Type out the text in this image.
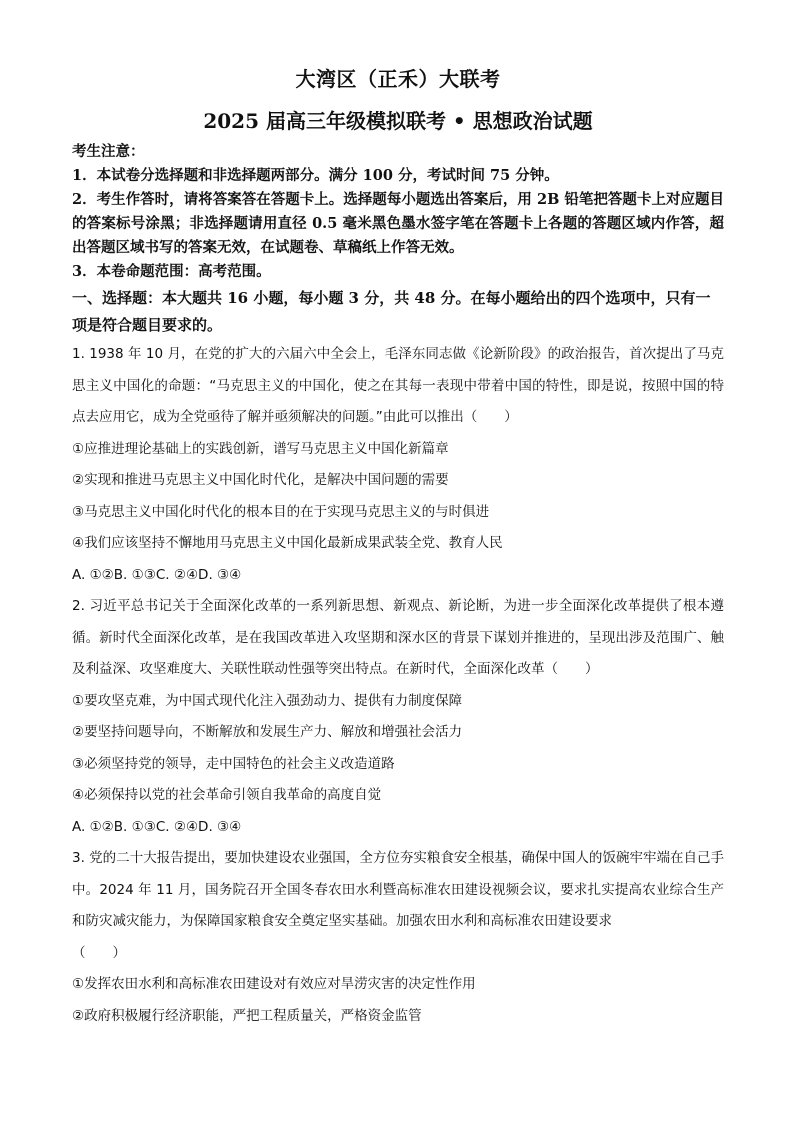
大湾区（正禾）大联考
2025 届高三年级模拟联考 • 思想政治试题
考生注意：
1．本试卷分选择题和非选择题两部分。满分 100 分，考试时间 75 分钟。
2．考生作答时，请将答案答在答题卡上。选择题每小题选出答案后，用 2B 铅笔把答题卡上对应题目的答案标号涂黑；非选择题请用直径 0.5 毫米黑色墨水签字笔在答题卡上各题的答题区域内作答，超出答题区域书写的答案无效，在试题卷、草稿纸上作答无效。
3．本卷命题范围：高考范围。
一、选择题：本大题共 16 小题，每小题 3 分，共 48 分。在每小题给出的四个选项中，只有一项是符合题目要求的。
1. 1938 年 10 月，在党的扩大的六届六中全会上，毛泽东同志做《论新阶段》的政治报告，首次提出了马克思主义中国化的命题：“马克思主义的中国化，使之在其每一表现中带着中国的特性，即是说，按照中国的特点去应用它，成为全党亟待了解并亟须解决的问题。”由此可以推出（　　）
①应推进理论基础上的实践创新，谱写马克思主义中国化新篇章
②实现和推进马克思主义中国化时代化，是解决中国问题的需要
③马克思主义中国化时代化的根本目的在于实现马克思主义的与时俱进
④我们应该坚持不懈地用马克思主义中国化最新成果武装全党、教育人民
A. ①②B. ①③C. ②④D. ③④
2. 习近平总书记关于全面深化改革的一系列新思想、新观点、新论断，为进一步全面深化改革提供了根本遵循。新时代全面深化改革，是在我国改革进入攻坚期和深水区的背景下谋划并推进的，呈现出涉及范围广、触及利益深、攻坚难度大、关联性联动性强等突出特点。在新时代，全面深化改革（　　）
①要攻坚克难，为中国式现代化注入强劲动力、提供有力制度保障
②要坚持问题导向，不断解放和发展生产力、解放和增强社会活力
③必须坚持党的领导，走中国特色的社会主义改造道路
④必须保持以党的社会革命引领自我革命的高度自觉
A. ①②B. ①③C. ②④D. ③④
3. 党的二十大报告提出，要加快建设农业强国，全方位夯实粮食安全根基，确保中国人的饭碗牢牢端在自己手中。2024 年 11 月，国务院召开全国冬春农田水利暨高标准农田建设视频会议，要求扎实提高农业综合生产和防灾减灾能力，为保障国家粮食安全奠定坚实基础。加强农田水利和高标准农田建设要求
（　　）
①发挥农田水利和高标准农田建设对有效应对旱涝灾害的决定性作用
②政府积极履行经济职能，严把工程质量关，严格资金监管
